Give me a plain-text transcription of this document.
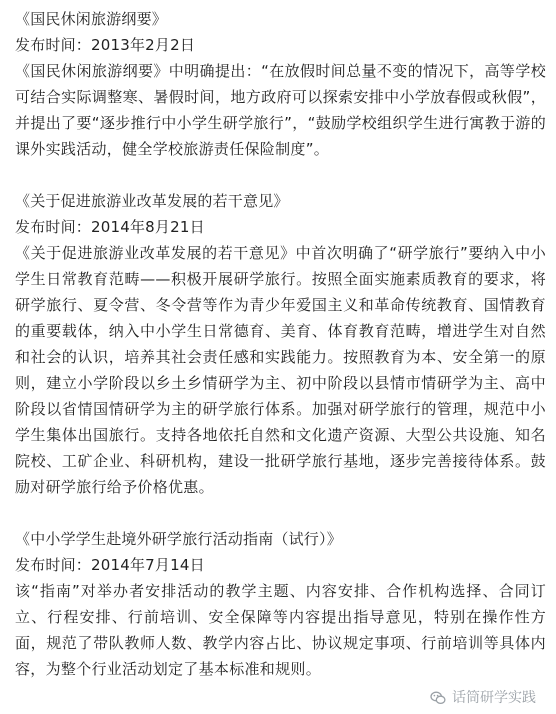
《国民休闲旅游纲要》

发布时间：2013年2月2日

《国民休闲旅游纲要》中明确提出：“在放假时间总量不变的情况下，高等学校可结合实际调整寒、暑假时间，地方政府可以探索安排中小学放春假或秋假”，并提出了要“逐步推行中小学生研学旅行”，“鼓励学校组织学生进行寓教于游的课外实践活动，健全学校旅游责任保险制度”。

《关于促进旅游业改革发展的若干意见》

发布时间：2014年8月21日

《关于促进旅游业改革发展的若干意见》中首次明确了“研学旅行”要纳入中小学生日常教育范畴——积极开展研学旅行。按照全面实施素质教育的要求，将研学旅行、夏令营、冬令营等作为青少年爱国主义和革命传统教育、国情教育的重要载体，纳入中小学生日常德育、美育、体育教育范畴，增进学生对自然和社会的认识，培养其社会责任感和实践能力。按照教育为本、安全第一的原则，建立小学阶段以乡土乡情研学为主、初中阶段以县情市情研学为主、高中阶段以省情国情研学为主的研学旅行体系。加强对研学旅行的管理，规范中小学生集体出国旅行。支持各地依托自然和文化遗产资源、大型公共设施、知名院校、工矿企业、科研机构，建设一批研学旅行基地，逐步完善接待体系。鼓励对研学旅行给予价格优惠。

《中小学学生赴境外研学旅行活动指南（试行）》

发布时间：2014年7月14日

该“指南”对举办者安排活动的教学主题、内容安排、合作机构选择、合同订立、行程安排、行前培训、安全保障等内容提出指导意见，特别在操作性方面，规范了带队教师人数、教学内容占比、协议规定事项、行前培训等具体内容，为整个行业活动划定了基本标准和规则。

话筒研学实践
